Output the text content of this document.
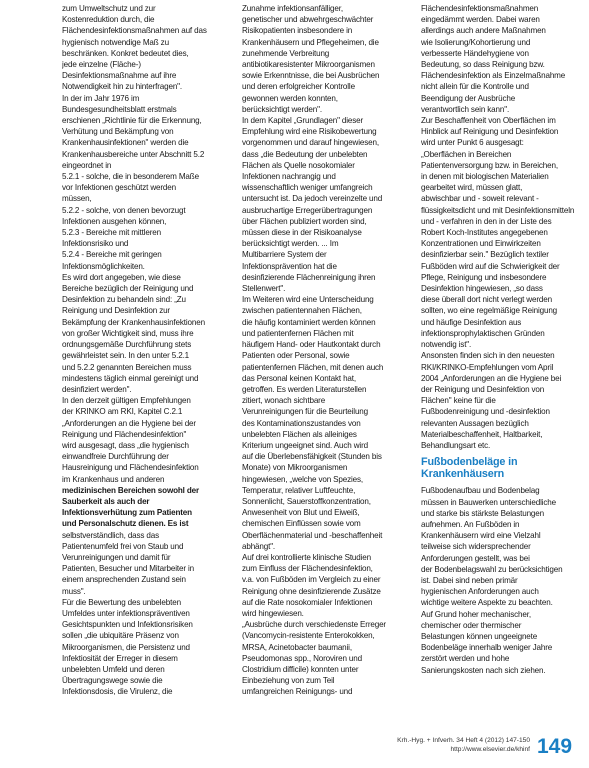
zum Umweltschutz und zur
Kostenreduktion durch, die
Flächendesinfektionsmaßnahmen auf das
hygienisch notwendige Maß zu
beschränken. Konkret bedeutet dies,
jede einzelne (Fläche-)
Desinfektionsmaßnahme auf ihre
Notwendigkeit hin zu hinterfragen".
In der im Jahr 1976 im
Bundesgesundheitsblatt erstmals
erschienen „Richtlinie für die Erkennung,
Verhütung und Bekämpfung von
Krankenhausinfektionen" werden die
Krankenhausbereiche unter Abschnitt 5.2
eingeordnet in
5.2.1 - solche, die in besonderem Maße
vor Infektionen geschützt werden
müssen,
5.2.2 - solche, von denen bevorzugt
Infektionen ausgehen können,
5.2.3 - Bereiche mit mittleren
Infektionsrisiko und
5.2.4 - Bereiche mit geringen
Infektionsmöglichkeiten.
Es wird dort angegeben, wie diese
Bereiche bezüglich der Reinigung und
Desinfektion zu behandeln sind: „Zu
Reinigung und Desinfektion zur
Bekämpfung der Krankenhausinfektionen
von großer Wichtigkeit sind, muss ihre
ordnungsgemäße Durchführung stets
gewährleistet sein. In den unter 5.2.1
und 5.2.2 genannten Bereichen muss
mindestens täglich einmal gereinigt und
desinfiziert werden".
In den derzeit gültigen Empfehlungen
der KRINKO am RKI, Kapitel C.2.1
„Anforderungen an die Hygiene bei der
Reinigung und Flächendesinfektion"
wird ausgesagt, dass „die hygienisch
einwandfreie Durchführung der
Hausreinigung und Flächendesinfektion
im Krankenhaus und anderen
medizinischen Bereichen sowohl der
Sauberkeit als auch der
Infektionsverhütung zum Patienten
und Personalschutz dienen. Es ist
selbstverständlich, dass das
Patientenumfeld frei von Staub und
Verunreinigungen und damit für
Patienten, Besucher und Mitarbeiter in
einem ansprechenden Zustand sein
muss".
Für die Bewertung des unbelebten
Umfeldes unter infektionspräventiven
Gesichtspunkten und Infektionsrisiken
sollen „die ubiquitäre Präsenz von
Mikroorganismen, die Persistenz und
Infektiosität der Erreger in diesem
unbelebten Umfeld und deren
Übertragungswege sowie die
Infektionsdosis, die Virulenz, die
Zunahme infektionsanfälliger,
genetischer und abwehrgeschwächter
Risikopatienten insbesondere in
Krankenhäusern und Pflegeheimen, die
zunehmende Verbreitung
antibiotikaresistenter Mikroorganismen
sowie Erkenntnisse, die bei Ausbrüchen
und deren erfolgreicher Kontrolle
gewonnen werden konnten,
berücksichtigt werden".
In dem Kapitel „Grundlagen" dieser
Empfehlung wird eine Risikobewertung
vorgenommen und darauf hingewiesen,
dass „die Bedeutung der unbelebten
Flächen als Quelle nosokomialer
Infektionen nachrangig und
wissenschaftlich weniger umfangreich
untersucht ist. Da jedoch vereinzelte und
ausbruchartige Erregerübertragungen
über Flächen publiziert worden sind,
müssen diese in der Risikoanalyse
berücksichtigt werden. ... Im
Multibarriere System der
Infektionsprävention hat die
desinfizierende Flächenreinigung ihren
Stellenwert".
Im Weiteren wird eine Unterscheidung
zwischen patientennahen Flächen,
die häufig kontaminiert werden können
und patientenfernen Flächen mit
häufigem Hand- oder Hautkontakt durch
Patienten oder Personal, sowie
patientenfernen Flächen, mit denen auch
das Personal keinen Kontakt hat,
getroffen. Es werden Literaturstellen
zitiert, wonach sichtbare
Verunreinigungen für die Beurteilung
des Kontaminationszustandes von
unbelebten Flächen als alleiniges
Kriterium ungeeignet sind. Auch wird
auf die Überlebensfähigkeit (Stunden bis
Monate) von Mikroorganismen
hingewiesen, „welche von Spezies,
Temperatur, relativer Luftfeuchte,
Sonnenlicht, Sauerstoffkonzentration,
Anwesenheit von Blut und Eiweiß,
chemischen Einflüssen sowie vom
Oberflächenmaterial und -beschaffenheit
abhängt".
Auf drei kontrollierte klinische Studien
zum Einfluss der Flächendesinfektion,
v.a. von Fußböden im Vergleich zu einer
Reinigung ohne desinfizierende Zusätze
auf die Rate nosokomialer Infektionen
wird hingewiesen.
„Ausbrüche durch verschiedenste Erreger
(Vancomycin-resistente Enterokokken,
MRSA, Acinetobacter baumanii,
Pseudomonas spp., Noroviren und
Clostridium difficile) konnten unter
Einbeziehung von zum Teil
umfangreichen Reinigungs- und
Flächendesinfektionsmaßnahmen
eingedämmt werden. Dabei waren
allerdings auch andere Maßnahmen
wie Isolierung/Kohortierung und
verbesserte Händehygiene von
Bedeutung, so dass Reinigung bzw.
Flächendesinfektion als Einzelmaßnahme
nicht allein für die Kontrolle und
Beendigung der Ausbrüche
verantwortlich sein kann".
Zur Beschaffenheit von Oberflächen im
Hinblick auf Reinigung und Desinfektion
wird unter Punkt 6 ausgesagt:
„Oberflächen in Bereichen
Patientenversorgung bzw. in Bereichen,
in denen mit biologischen Materialien
gearbeitet wird, müssen glatt,
abwischbar und - soweit relevant -
flüssigkeitsdicht und mit Desinfektionsmitteln
und - verfahren in den in der Liste des
Robert Koch-Institutes angegebenen
Konzentrationen und Einwirkzeiten
desinfizierbar sein." Bezüglich textiler
Fußböden wird auf die Schwierigkeit der
Pflege, Reinigung und insbesondere
Desinfektion hingewiesen, „so dass
diese überall dort nicht verlegt werden
sollten, wo eine regelmäßige Reinigung
und häufige Desinfektion aus
infektionsprophylaktischen Gründen
notwendig ist".
Ansonsten finden sich in den neuesten
RKI/KRINKO-Empfehlungen vom April
2004 „Anforderungen an die Hygiene bei
der Reinigung und Desinfektion von
Flächen" keine für die
Fußbodenreinigung und -desinfektion
relevanten Aussagen bezüglich
Materialbeschaffenheit, Haltbarkeit,
Behandlungsart etc.
Fußbodenbeläge in
Krankenhäusern
Fußbodenaufbau und Bodenbelag
müssen in Bauwerken unterschiedliche
und starke bis stärkste Belastungen
aufnehmen. An Fußböden in
Krankenhäusern wird eine Vielzahl
teilweise sich widersprechender
Anforderungen gestellt, was bei
der Bodenbelagswahl zu berücksichtigen
ist. Dabei sind neben primär
hygienischen Anforderungen auch
wichtige weitere Aspekte zu beachten.
Auf Grund hoher mechanischer,
chemischer oder thermischer
Belastungen können ungeeignete
Bodenbeläge innerhalb weniger Jahre
zerstört werden und hohe
Sanierungskosten nach sich ziehen.
Krh.-Hyg. + Infverh. 34 Heft 4 (2012) 147-150
http://www.elsevier.de/khinf 149
